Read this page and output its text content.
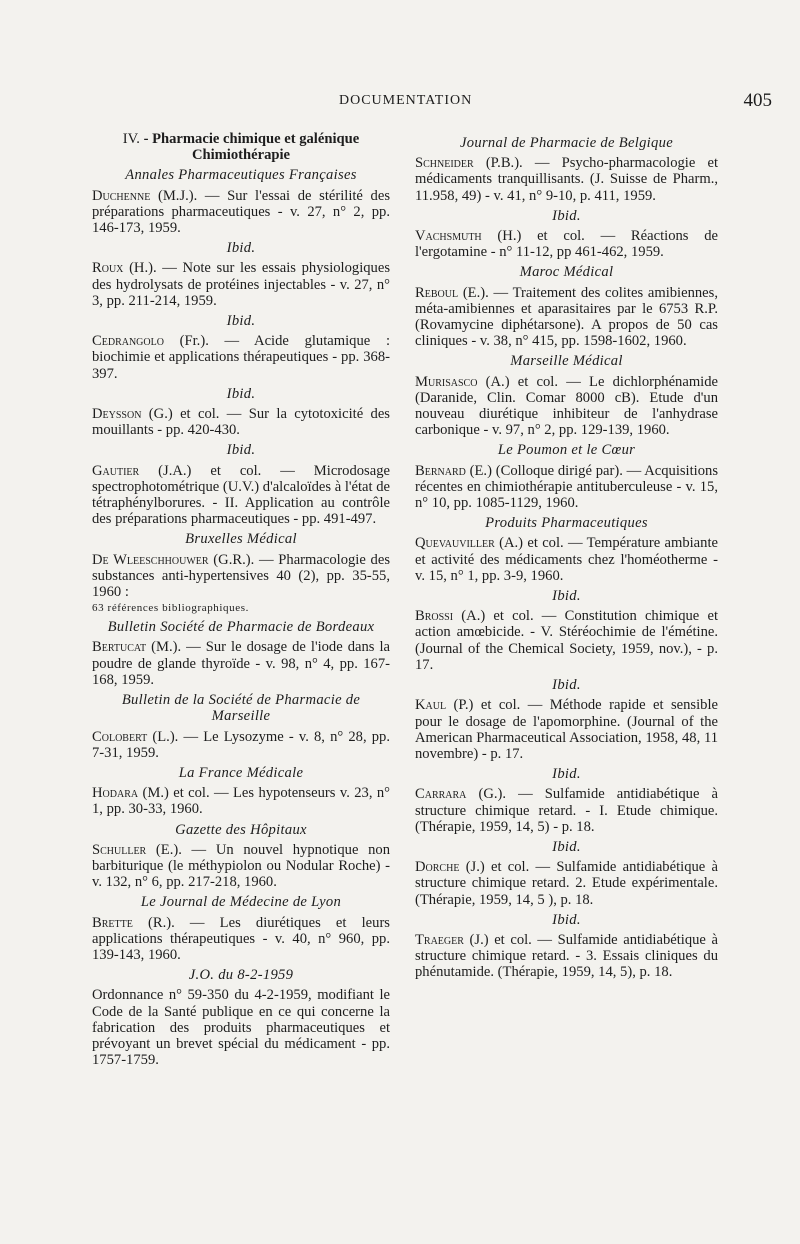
DOCUMENTATION	405
IV. - Pharmacie chimique et galénique Chimiothérapie
Annales Pharmaceutiques Françaises
Duchenne (M.J.). — Sur l'essai de stérilité des préparations pharmaceutiques - v. 27, n° 2, pp. 146-173, 1959.
Ibid.
Roux (H.). — Note sur les essais physiologiques des hydrolysats de protéines injectables - v. 27, n° 3, pp. 211-214, 1959.
Ibid.
Cedrangolo (Fr.). — Acide glutamique : biochimie et applications thérapeutiques - pp. 368-397.
Ibid.
Deysson (G.) et col. — Sur la cytotoxicité des mouillants - pp. 420-430.
Ibid.
Gautier (J.A.) et col. — Microdosage spectrophotométrique (U.V.) d'alcaloïdes à l'état de tétraphénylborures. - II. Application au contrôle des préparations pharmaceutiques - pp. 491-497.
Bruxelles Médical
De Wleeschhouwer (G.R.). — Pharmacologie des substances anti-hypertensives 40 (2), pp. 35-55, 1960 :
63 références bibliographiques.
Bulletin Société de Pharmacie de Bordeaux
Bertucat (M.). — Sur le dosage de l'iode dans la poudre de glande thyroïde - v. 98, n° 4, pp. 167-168, 1959.
Bulletin de la Société de Pharmacie de Marseille
Colobert (L.). — Le Lysozyme - v. 8, n° 28, pp. 7-31, 1959.
La France Médicale
Hodara (M.) et col. — Les hypotenseurs v. 23, n° 1, pp. 30-33, 1960.
Gazette des Hôpitaux
Schuller (E.). — Un nouvel hypnotique non barbiturique (le méthypiolon ou Nodular Roche) - v. 132, n° 6, pp. 217-218, 1960.
Le Journal de Médecine de Lyon
Brette (R.). — Les diurétiques et leurs applications thérapeutiques - v. 40, n° 960, pp. 139-143, 1960.
J.O. du 8-2-1959
Ordonnance n° 59-350 du 4-2-1959, modifiant le Code de la Santé publique en ce qui concerne la fabrication des produits pharmaceutiques et prévoyant un brevet spécial du médicament - pp. 1757-1759.
Journal de Pharmacie de Belgique
Schneider (P.B.). — Psycho-pharmacologie et médicaments tranquillisants. (J. Suisse de Pharm., 11.958, 49) - v. 41, n° 9-10, p. 411, 1959.
Ibid.
Vachsmuth (H.) et col. — Réactions de l'ergotamine - n° 11-12, pp 461-462, 1959.
Maroc Médical
Reboul (E.). — Traitement des colites amibiennes, méta-amibiennes et aparasitaires par le 6753 R.P. (Rovamycine diphétarsone). A propos de 50 cas cliniques - v. 38, n° 415, pp. 1598-1602, 1960.
Marseille Médical
Murisasco (A.) et col. — Le dichlorphénamide (Daranide, Clin. Comar 8000 cB). Etude d'un nouveau diurétique inhibiteur de l'anhydrase carbonique - v. 97, n° 2, pp. 129-139, 1960.
Le Poumon et le Cœur
Bernard (E.) (Colloque dirigé par). — Acquisitions récentes en chimiothérapie antituberculeuse - v. 15, n° 10, pp. 1085-1129, 1960.
Produits Pharmaceutiques
Quevauviller (A.) et col. — Température ambiante et activité des médicaments chez l'homéotherme - v. 15, n° 1, pp. 3-9, 1960.
Ibid.
Brossi (A.) et col. — Constitution chimique et action amœbicide. - V. Stéréochimie de l'émétine. (Journal of the Chemical Society, 1959, nov.), - p. 17.
Ibid.
Kaul (P.) et col. — Méthode rapide et sensible pour le dosage de l'apomorphine. (Journal of the American Pharmaceutical Association, 1958, 48, 11 novembre) - p. 17.
Ibid.
Carrara (G.). — Sulfamide antidiabétique à structure chimique retard. - I. Etude chimique. (Thérapie, 1959, 14, 5) - p. 18.
Ibid.
Dorche (J.) et col. — Sulfamide antidiabétique à structure chimique retard. 2. Etude expérimentale. (Thérapie, 1959, 14, 5 ), p. 18.
Ibid.
Traeger (J.) et col. — Sulfamide antidiabétique à structure chimique retard. - 3. Essais cliniques du phénutamide. (Thérapie, 1959, 14, 5), p. 18.
